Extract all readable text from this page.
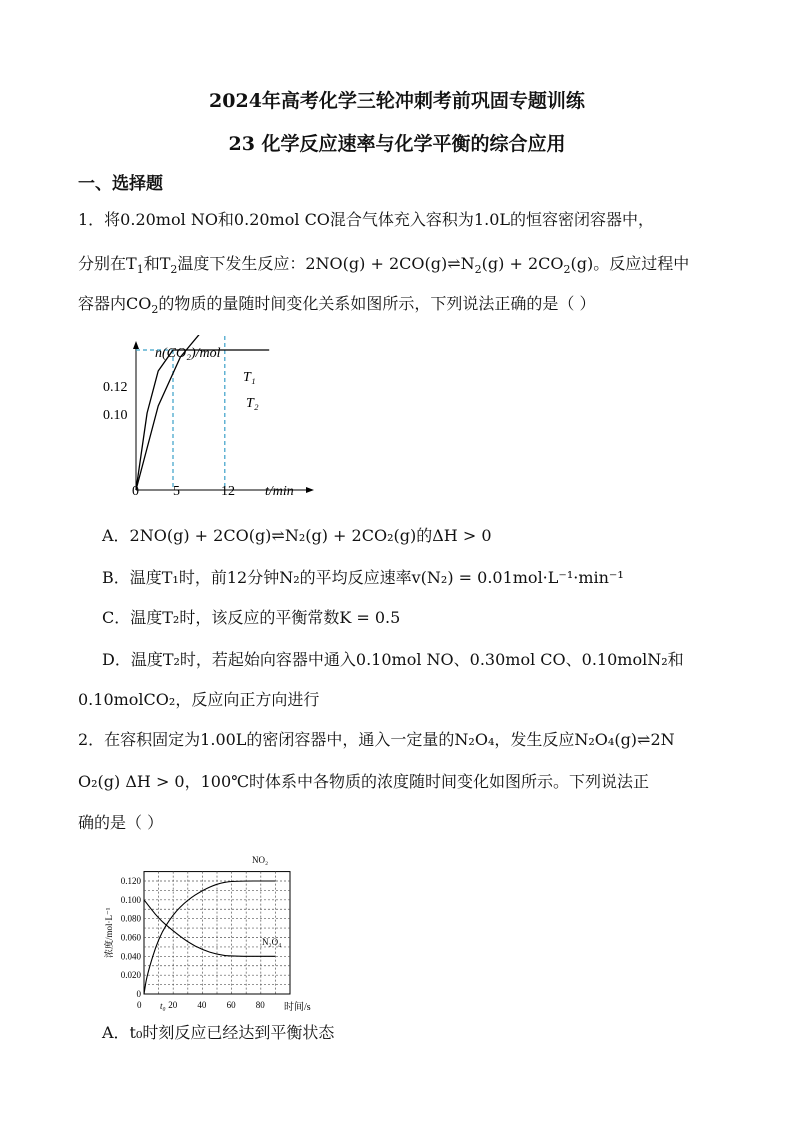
2024年高考化学三轮冲刺考前巩固专题训练
23 化学反应速率与化学平衡的综合应用
一、选择题
1．将0.20mol NO和0.20mol CO混合气体充入容积为1.0L的恒容密闭容器中，
分别在$T_1$和$T_2$温度下发生反应：$2NO(g) + 2CO(g)\rightleftharpoons N_2(g) + 2CO_2(g)$。反应过程中
容器内$CO_2$的物质的量随时间变化关系如图所示，下列说法正确的是（ ）
n(CO₂)/mol
t/min
0.12
0.10
0 5	12
T₁
T₂
A．2NO(g) + 2CO(g)⇌N₂(g) + 2CO₂(g)的ΔH > 0
B．温度T₁时，前12分钟N₂的平均反应速率v(N₂) = 0.01mol·L⁻¹·min⁻¹
C．温度T₂时，该反应的平衡常数K = 0.5
D．温度T₂时，若起始向容器中通入0.10mol NO、0.30mol CO、0.10molN₂和
0.10molCO₂，反应向正方向进行
2．在容积固定为1.00L的密闭容器中，通入一定量的N₂O₄，发生反应N₂O₄(g)⇌2N
O₂(g) ΔH > 0，100℃时体系中各物质的浓度随时间变化如图所示。下列说法正
确的是（ ）
0
0.020
0.040
0.060
0.080
0.100
0.120
0	20 40 60 80
浓度/mol·L⁻¹
时间/s
NO₂
N₂O₄
t₀
A．t₀时刻反应已经达到平衡状态
